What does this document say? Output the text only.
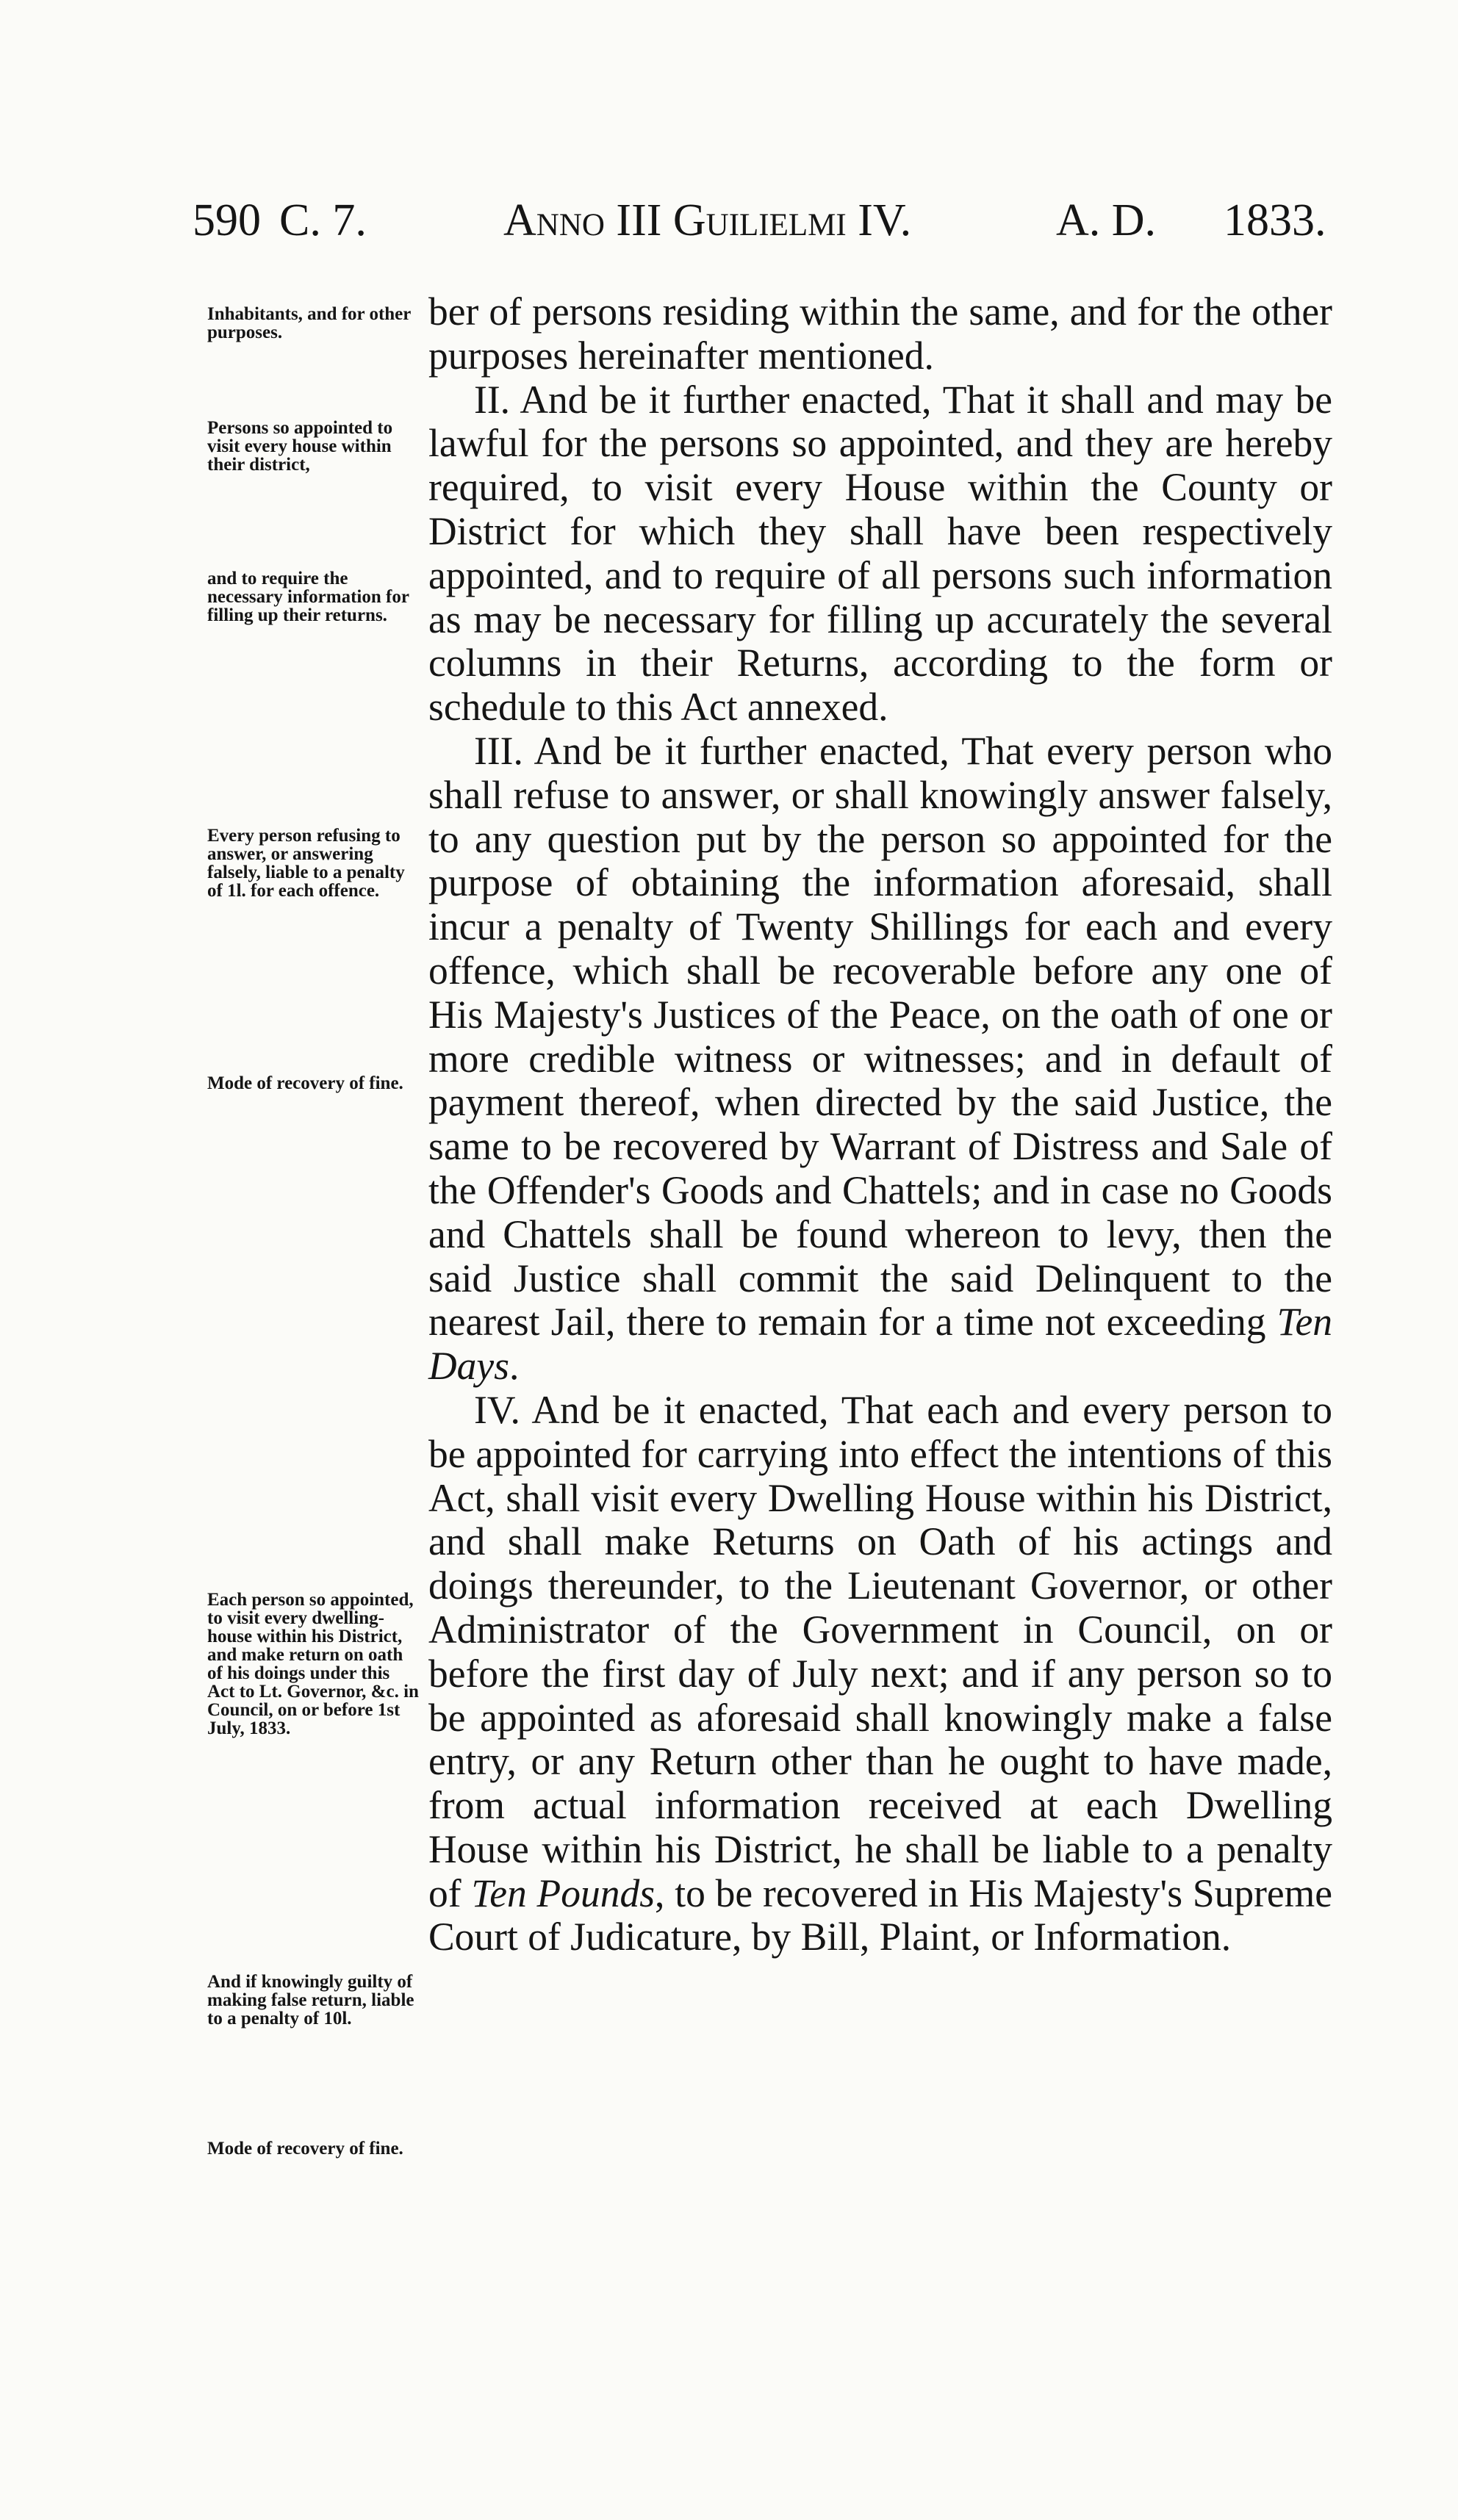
590 C. 7.	Anno III Guilielmi IV.	A. D. 1833.
Inhabitants, and for other purposes.
Persons so appointed to visit every house within their district,
and to require the necessary information for filling up their returns.
Every person refusing to answer, or answering falsely, liable to a penalty of 1l. for each offence.
Mode of recovery of fine.
Each person so appointed, to visit every dwelling-house within his District, and make return on oath of his doings under this Act to Lt. Governor, &c. in Council, on or before 1st July, 1833.
And if knowingly guilty of making false return, liable to a penalty of 10l.
Mode of recovery of fine.

ber of persons residing within the same, and for the other purposes hereinafter mentioned.

II. And be it further enacted, That it shall and may be lawful for the persons so appointed, and they are hereby required, to visit every House within the County or District for which they shall have been respectively appointed, and to require of all persons such information as may be necessary for filling up accurately the several columns in their Returns, according to the form or schedule to this Act annexed.

III. And be it further enacted, That every person who shall refuse to answer, or shall knowingly answer falsely, to any question put by the person so appointed for the purpose of obtaining the information aforesaid, shall incur a penalty of Twenty Shillings for each and every offence, which shall be recoverable before any one of His Majesty's Justices of the Peace, on the oath of one or more credible witness or witnesses; and in default of payment thereof, when directed by the said Justice, the same to be recovered by Warrant of Distress and Sale of the Offender's Goods and Chattels; and in case no Goods and Chattels shall be found whereon to levy, then the said Justice shall commit the said Delinquent to the nearest Jail, there to remain for a time not exceeding Ten Days.

IV. And be it enacted, That each and every person to be appointed for carrying into effect the intentions of this Act, shall visit every Dwelling House within his District, and shall make Returns on Oath of his actings and doings thereunder, to the Lieutenant Governor, or other Administrator of the Government in Council, on or before the first day of July next; and if any person so to be appointed as aforesaid shall knowingly make a false entry, or any Return other than he ought to have made, from actual information received at each Dwelling House within his District, he shall be liable to a penalty of Ten Pounds, to be recovered in His Majesty's Supreme Court of Judicature, by Bill, Plaint, or Information.
